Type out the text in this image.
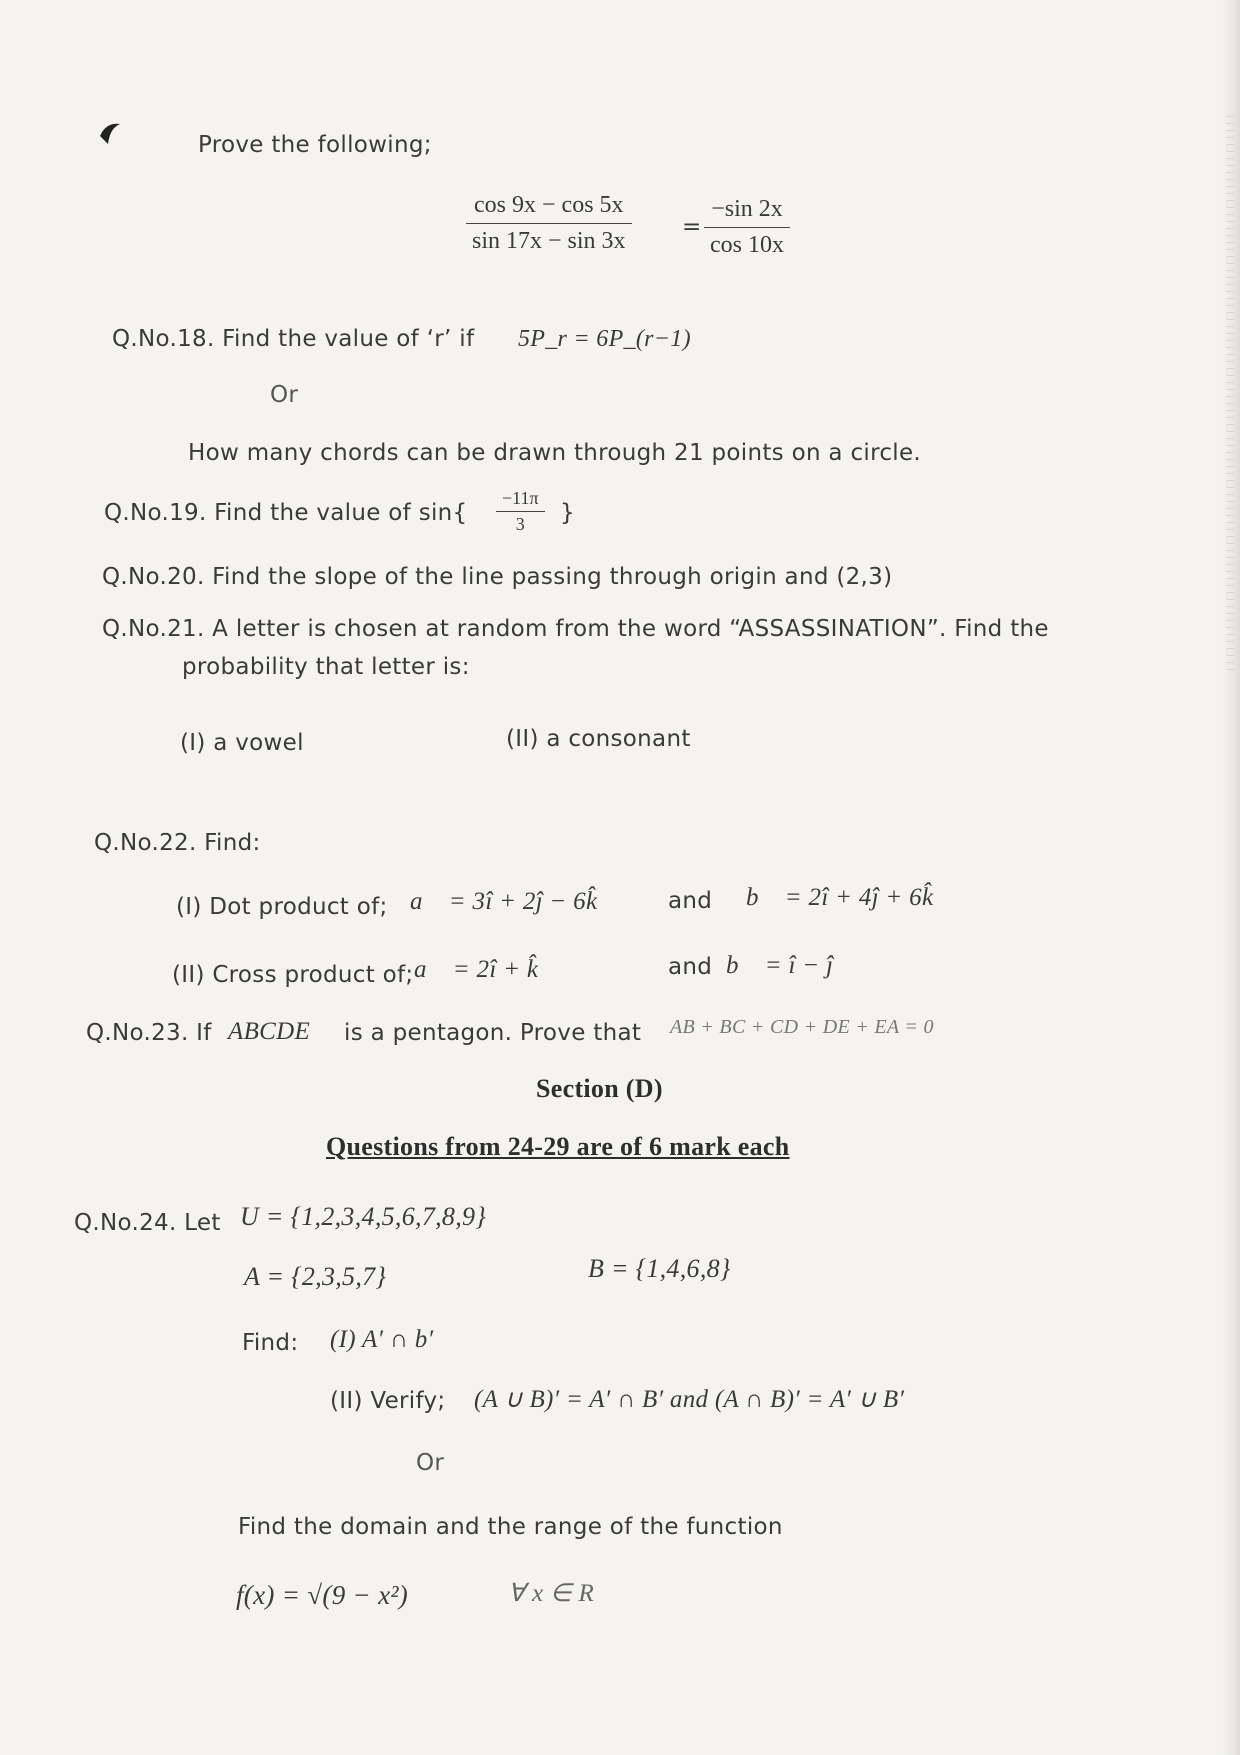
Prove the following;
$\frac{\cos 9x - \cos 5x}{\sin 17x - \sin 3x} = \frac{-\sin 2x}{\cos 10x}$
Q.No.18. Find the value of ‘r’ if 5P_r = 6P_(r−1)
Or
How many chords can be drawn through 21 points on a circle.
Q.No.19. Find the value of $\sin\{ \frac{-11\pi}{3}$ }
Q.No.20. Find the slope of the line passing through origin and (2,3)
Q.No.21. A letter is chosen at random from the word “ASSASSINATION”. Find the
probability that letter is:
(I) a vowel	(II) a consonant
Q.No.22. Find:
(I) Dot product of; a⃗ = 3î + 2ĵ − 6k̂	and b⃗ = 2î + 4ĵ + 6k̂
(II) Cross product of; a⃗ = 2î + k̂	and b⃗ = î − ĵ
Q.No.23. If ABCDE is a pentagon. Prove that AB + BC + CD + DE + EA = 0
Section (D)
Questions from 24-29 are of 6 mark each
Q.No.24. Let U = {1,2,3,4,5,6,7,8,9}
A = {2,3,5,7}	B = {1,4,6,8}
Find: (I) A′ ∩ b′
(II) Verify; (A ∪ B)′ = A′ ∩ B′ and (A ∩ B)′ = A′ ∪ B′
Or
Find the domain and the range of the function
f(x) = √(9 − x²)	∀ x ∈ R
